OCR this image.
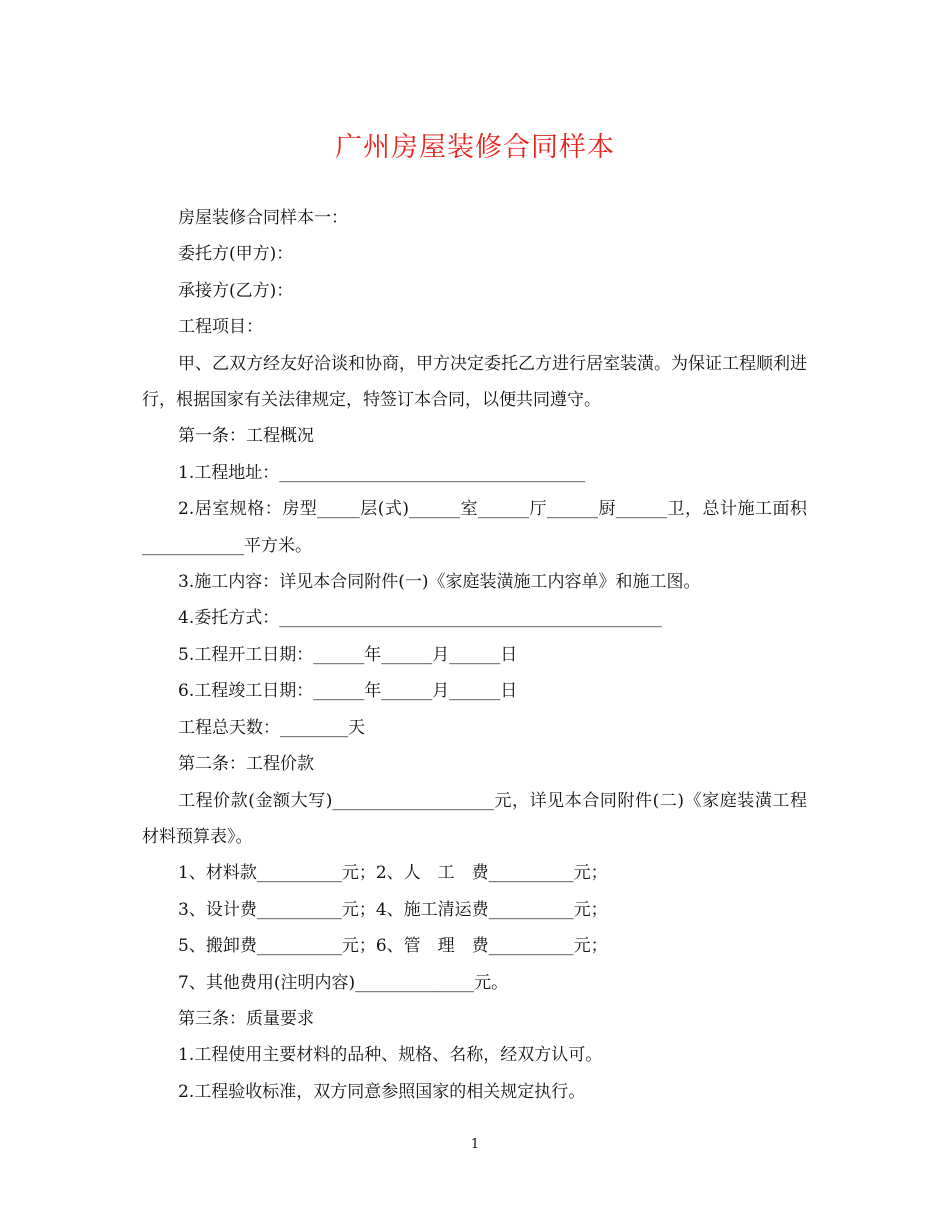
广州房屋装修合同样本

房屋装修合同样本一：

委托方(甲方)：

承接方(乙方)：

工程项目：

甲、乙双方经友好洽谈和协商，甲方决定委托乙方进行居室装潢。为保证工程顺利进行，根据国家有关法律规定，特签订本合同，以便共同遵守。

第一条：工程概况

1.工程地址：____________________________________

2.居室规格：房型_____层(式)______室______厅______厨______卫，总计施工面积____________平方米。

3.施工内容：详见本合同附件(一)《家庭装潢施工内容单》和施工图。

4.委托方式：_____________________________________________

5.工程开工日期：______年______月______日

6.工程竣工日期：______年______月______日

工程总天数：________天

第二条：工程价款

工程价款(金额大写)___________________元，详见本合同附件(二)《家庭装潢工程材料预算表》。

1、材料款__________元；2、人　工　费__________元；

3、设计费__________元；4、施工清运费__________元；

5、搬卸费__________元；6、管　理　费__________元；

7、其他费用(注明内容)______________元。

第三条：质量要求

1.工程使用主要材料的品种、规格、名称，经双方认可。

2.工程验收标准，双方同意参照国家的相关规定执行。

1
